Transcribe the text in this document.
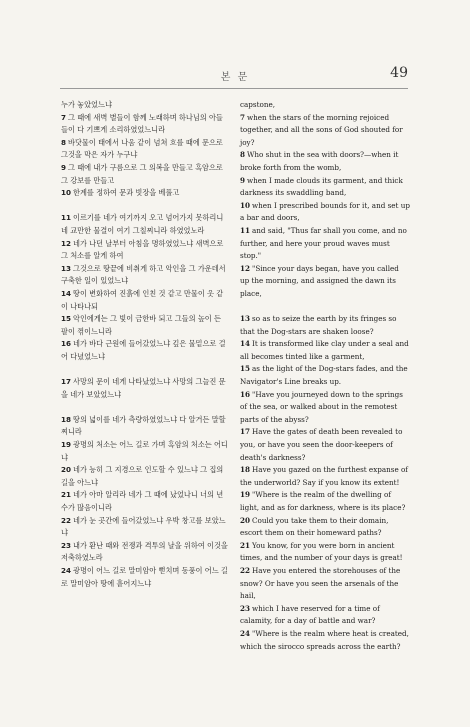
본 문	49

누가 놓았었느냐

7 그 때에 새벽 별들이 함께 노래하며 하나님의 아들들이 다 기쁘게 소리하였었느니라

8 바닷물이 태에서 나옴 같이 넘쳐 흐를 때에 문으로 그것을 막은 자가 누구냐

9 그 때에 내가 구름으로 그 의복을 만들고 흑암으로 그 강보를 만들고

10 한계를 정하여 문과 빗장을 베풀고

11 이르기를 네가 여기까지 오고 넘어가지 못하리니 네 교만한 물결이 여기 그칠찌니라 하였었노라

12 네가 나던 날부터 아침을 명하였었느냐 새벽으로 그 처소를 알게 하여

13 그것으로 땅끝에 비취게 하고 악인을 그 가운데서 구축한 일이 있었느냐

14 땅이 변화하여 진흙에 인친 것 같고 만물이 옷 같이 나타나되

15 악인에게는 그 빛이 금한바 되고 그들의 높이 든 팔이 꺾이느니라

16 네가 바다 근원에 들어갔었느냐 깊은 물밑으로 걸어 다녔었느냐

17 사망의 문이 네게 나타났었느냐 사망의 그늘진 문을 네가 보았었느냐

18 땅의 넓이를 네가 측량하였었느냐 다 알거든 말할찌니라

19 광명의 처소는 어느 길로 가며 흑암의 처소는 어디냐

20 네가 능히 그 지경으로 인도할 수 있느냐 그 집의 길을 아느냐

21 네가 아마 알리라 네가 그 때에 났었나니 너의 년수가 많음이니라

22 네가 눈 곳간에 들어갔었느냐 우박 창고를 보았느냐

23 내가 환난 때와 전쟁과 격투의 날을 위하여 이것을 저축하였노라

24 광명이 어느 길로 말미암아 뻗치며 동풍이 어느 길로 말미암아 땅에 흩어지느냐

capstone,

7 when the stars of the morning rejoiced together, and all the sons of God shouted for joy?

8 Who shut in the sea with doors?—when it broke forth from the womb,

9 when I made clouds its garment, and thick darkness its swaddling band,

10 when I prescribed bounds for it, and set up a bar and doors,

11 and said, "Thus far shall you come, and no further, and here your proud waves must stop."

12 "Since your days began, have you called up the morning, and assigned the dawn its place,

13 so as to seize the earth by its fringes so that the Dog-stars are shaken loose?

14 It is transformed like clay under a seal and all becomes tinted like a garment,

15 as the light of the Dog-stars fades, and the Navigator's Line breaks up.

16 "Have you journeyed down to the springs of the sea, or walked about in the remotest parts of the abyss?

17 Have the gates of death been revealed to you, or have you seen the door-keepers of death's darkness?

18 Have you gazed on the furthest expanse of the underworld? Say if you know its extent!

19 "Where is the realm of the dwelling of light, and as for darkness, where is its place?

20 Could you take them to their domain, escort them on their homeward paths?

21 You know, for you were born in ancient times, and the number of your days is great!

22 Have you entered the storehouses of the snow? Or have you seen the arsenals of the hail,

23 which I have reserved for a time of calamity, for a day of battle and war?

24 "Where is the realm where heat is created, which the sirocco spreads across the earth?
